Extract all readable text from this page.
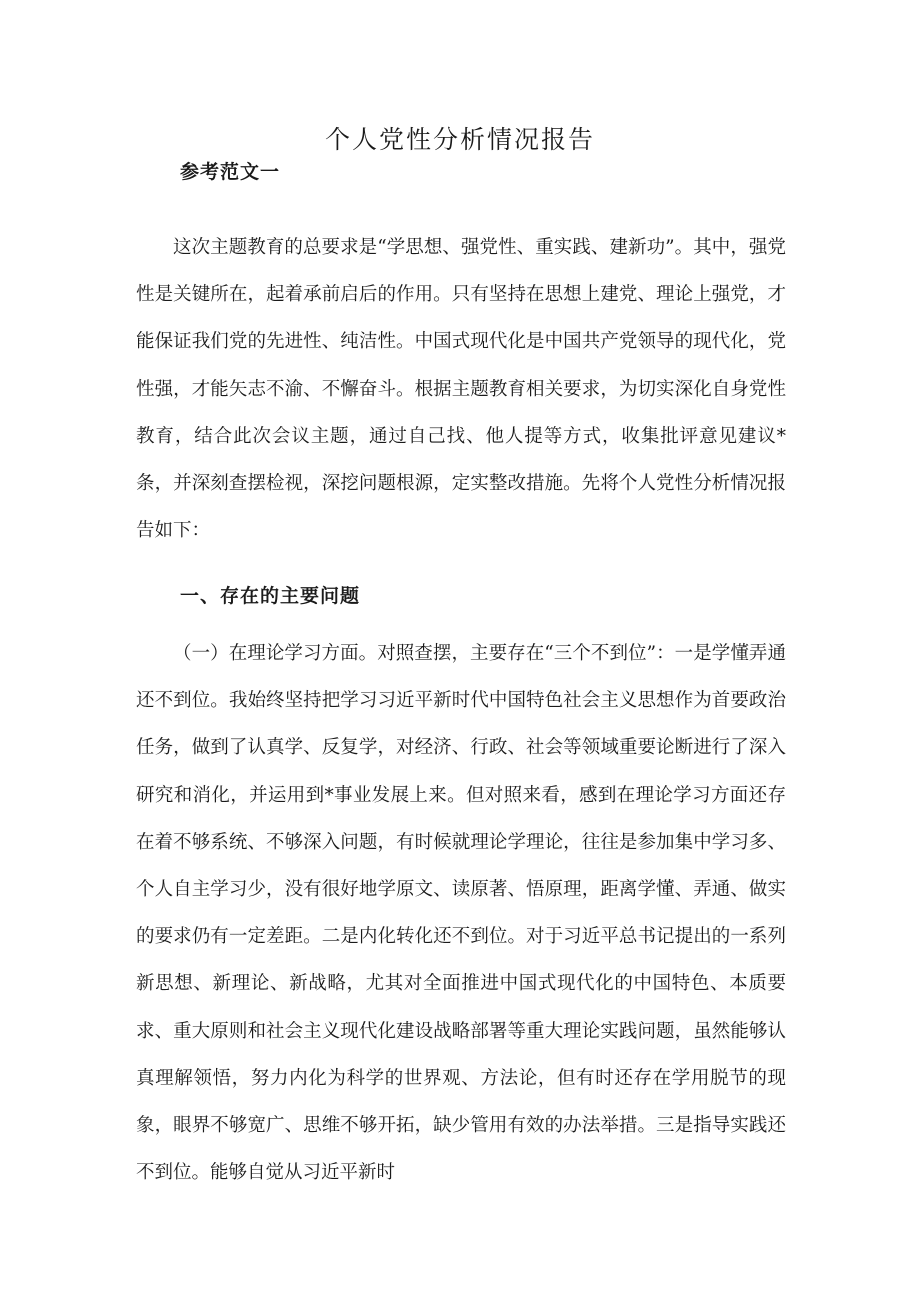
个人党性分析情况报告
参考范文一

这次主题教育的总要求是“学思想、强党性、重实践、建新功”。其中，强党性是关键所在，起着承前启后的作用。只有坚持在思想上建党、理论上强党，才能保证我们党的先进性、纯洁性。中国式现代化是中国共产党领导的现代化，党性强，才能矢志不渝、不懈奋斗。根据主题教育相关要求，为切实深化自身党性教育，结合此次会议主题，通过自己找、他人提等方式，收集批评意见建议*条，并深刻查摆检视，深挖问题根源，定实整改措施。先将个人党性分析情况报告如下：

一、存在的主要问题

（一）在理论学习方面。对照查摆，主要存在“三个不到位”：一是学懂弄通还不到位。我始终坚持把学习习近平新时代中国特色社会主义思想作为首要政治任务，做到了认真学、反复学，对经济、行政、社会等领域重要论断进行了深入研究和消化，并运用到*事业发展上来。但对照来看，感到在理论学习方面还存在着不够系统、不够深入问题，有时候就理论学理论，往往是参加集中学习多、个人自主学习少，没有很好地学原文、读原著、悟原理，距离学懂、弄通、做实的要求仍有一定差距。二是内化转化还不到位。对于习近平总书记提出的一系列新思想、新理论、新战略，尤其对全面推进中国式现代化的中国特色、本质要求、重大原则和社会主义现代化建设战略部署等重大理论实践问题，虽然能够认真理解领悟，努力内化为科学的世界观、方法论，但有时还存在学用脱节的现象，眼界不够宽广、思维不够开拓，缺少管用有效的办法举措。三是指导实践还不到位。能够自觉从习近平新时
